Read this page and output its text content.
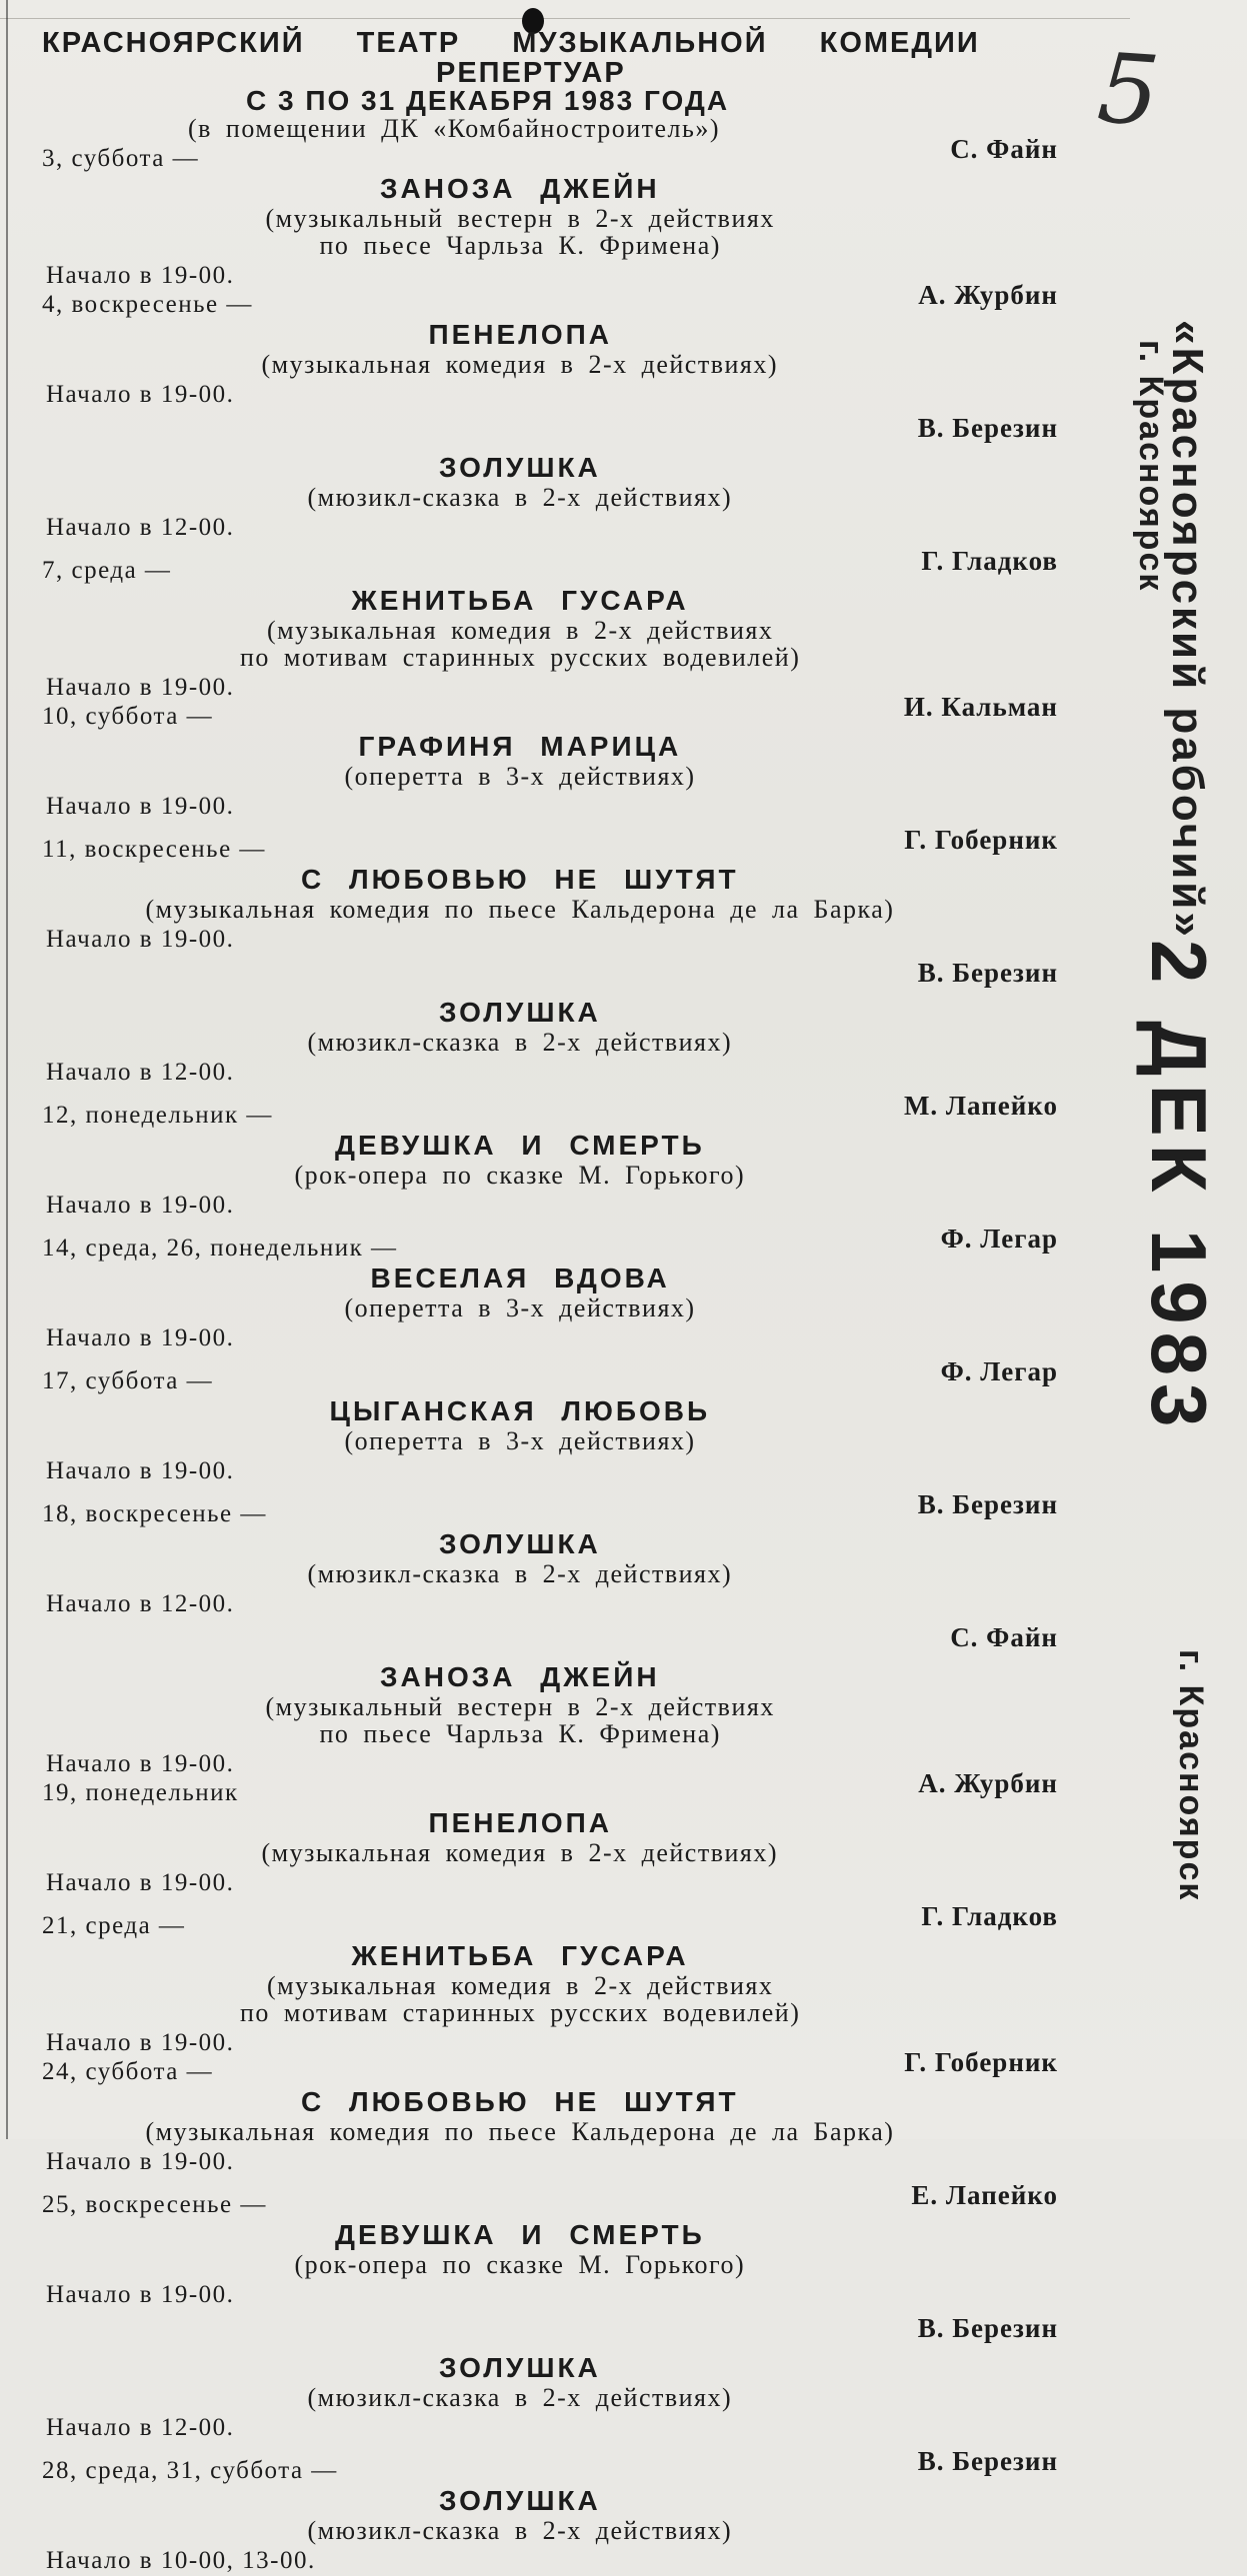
5
КРАСНОЯРСКИЙ ТЕАТР МУЗЫКАЛЬНОЙ КОМЕДИИ
РЕПЕРТУАР
С 3 ПО 31 ДЕКАБРЯ 1983 ГОДА
(в помещении ДК «Комбайностроитель»)
3, суббота —	С. Файн
ЗАНОЗА ДЖЕЙН
(музыкальный вестерн в 2-х действиях
по пьесе Чарльза К. Фримена)
Начало в 19-00.
4, воскресенье —	А. Журбин
ПЕНЕЛОПА
(музыкальная комедия в 2-х действиях)
Начало в 19-00.
В. Березин
ЗОЛУШКА
(мюзикл-сказка в 2-х действиях)
Начало в 12-00.
7, среда —	Г. Гладков
ЖЕНИТЬБА ГУСАРА
(музыкальная комедия в 2-х действиях
по мотивам старинных русских водевилей)
Начало в 19-00.
10, суббота —	И. Кальман
ГРАФИНЯ МАРИЦА
(оперетта в 3-х действиях)
Начало в 19-00.
11, воскресенье —	Г. Гоберник
С ЛЮБОВЬЮ НЕ ШУТЯТ
(музыкальная комедия по пьесе Кальдерона де ла Барка)
Начало в 19-00.
В. Березин
ЗОЛУШКА
(мюзикл-сказка в 2-х действиях)
Начало в 12-00.
12, понедельник —	М. Лапейко
ДЕВУШКА И СМЕРТЬ
(рок-опера по сказке М. Горького)
Начало в 19-00.
14, среда, 26, понедельник —	Ф. Легар
ВЕСЕЛАЯ ВДОВА
(оперетта в 3-х действиях)
Начало в 19-00.
17, суббота —	Ф. Легар
ЦЫГАНСКАЯ ЛЮБОВЬ
(оперетта в 3-х действиях)
Начало в 19-00.
18, воскресенье —	В. Березин
ЗОЛУШКА
(мюзикл-сказка в 2-х действиях)
Начало в 12-00.
С. Файн
ЗАНОЗА ДЖЕЙН
(музыкальный вестерн в 2-х действиях
по пьесе Чарльза К. Фримена)
Начало в 19-00.
19, понедельник	А. Журбин
ПЕНЕЛОПА
(музыкальная комедия в 2-х действиях)
Начало в 19-00.
21, среда —	Г. Гладков
ЖЕНИТЬБА ГУСАРА
(музыкальная комедия в 2-х действиях
по мотивам старинных русских водевилей)
Начало в 19-00.
24, суббота —	Г. Гоберник
С ЛЮБОВЬЮ НЕ ШУТЯТ
(музыкальная комедия по пьесе Кальдерона де ла Барка)
Начало в 19-00.
25, воскресенье —	Е. Лапейко
ДЕВУШКА И СМЕРТЬ
(рок-опера по сказке М. Горького)
Начало в 19-00.
В. Березин
ЗОЛУШКА
(мюзикл-сказка в 2-х действиях)
Начало в 12-00.
28, среда, 31, суббота —	В. Березин
ЗОЛУШКА
(мюзикл-сказка в 2-х действиях)
Начало в 10-00, 13-00.
«Красноярский рабочий»
г. Красноярск
2 ДЕК 1983
г. Красноярск
